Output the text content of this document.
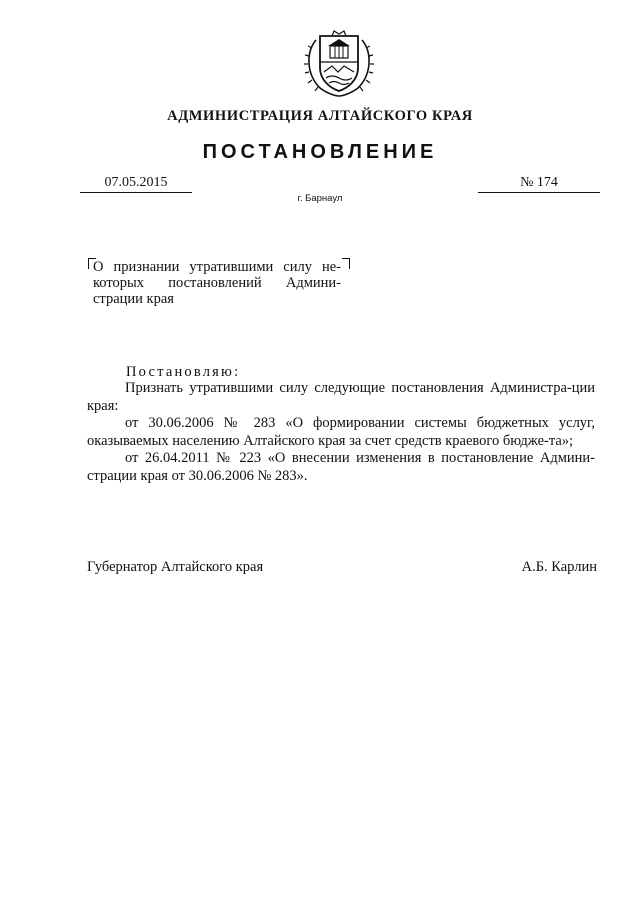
АДМИНИСТРАЦИЯ АЛТАЙСКОГО КРАЯ
ПОСТАНОВЛЕНИЕ
07.05.2015	№ 174
г. Барнаул
О признании утратившими силу не-которых постановлений Админи-страции края
Постановляю:

Признать утратившими силу следующие постановления Администра-ции края:

от 30.06.2006 № 283 «О формировании системы бюджетных услуг, оказываемых населению Алтайского края за счет средств краевого бюдже-та»;

от 26.04.2011 № 223 «О внесении изменения в постановление Админи-страции края от 30.06.2006 № 283».

Губернатор Алтайского края	А.Б. Карлин
